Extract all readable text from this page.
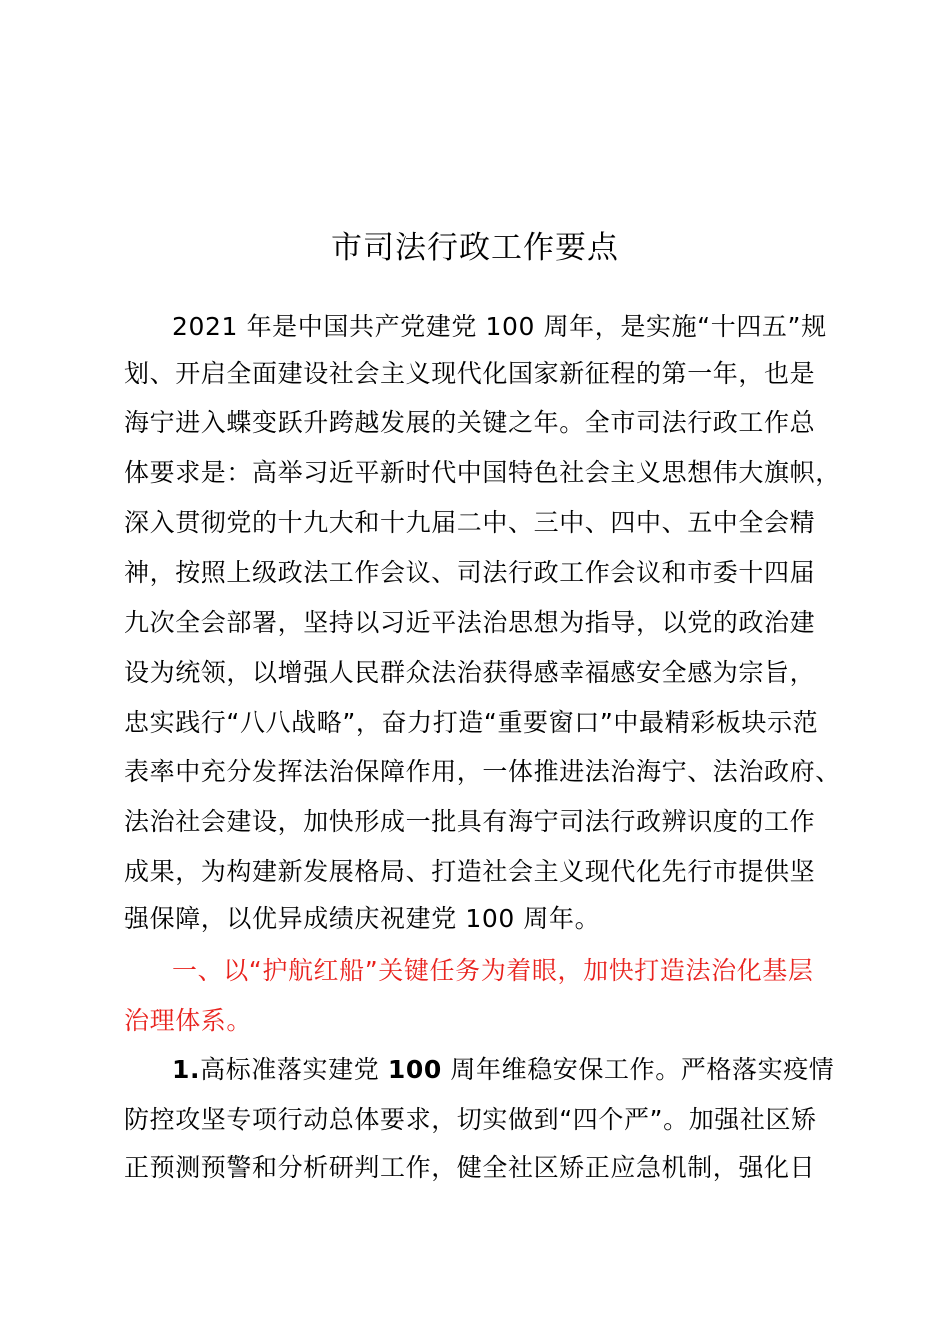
市司法行政工作要点
2021 年是中国共产党建党 100 周年，是实施“十四五”规
划、开启全面建设社会主义现代化国家新征程的第一年，也是
海宁进入蝶变跃升跨越发展的关键之年。全市司法行政工作总
体要求是：高举习近平新时代中国特色社会主义思想伟大旗帜，
深入贯彻党的十九大和十九届二中、三中、四中、五中全会精
神，按照上级政法工作会议、司法行政工作会议和市委十四届
九次全会部署，坚持以习近平法治思想为指导，以党的政治建
设为统领，以增强人民群众法治获得感幸福感安全感为宗旨，
忠实践行“八八战略”，奋力打造“重要窗口”中最精彩板块示范
表率中充分发挥法治保障作用，一体推进法治海宁、法治政府、
法治社会建设，加快形成一批具有海宁司法行政辨识度的工作
成果，为构建新发展格局、打造社会主义现代化先行市提供坚
强保障，以优异成绩庆祝建党 100 周年。
一、以“护航红船”关键任务为着眼，加快打造法治化基层
治理体系。
1.高标准落实建党 100 周年维稳安保工作。严格落实疫情
防控攻坚专项行动总体要求，切实做到“四个严”。加强社区矫
正预测预警和分析研判工作，健全社区矫正应急机制，强化日
